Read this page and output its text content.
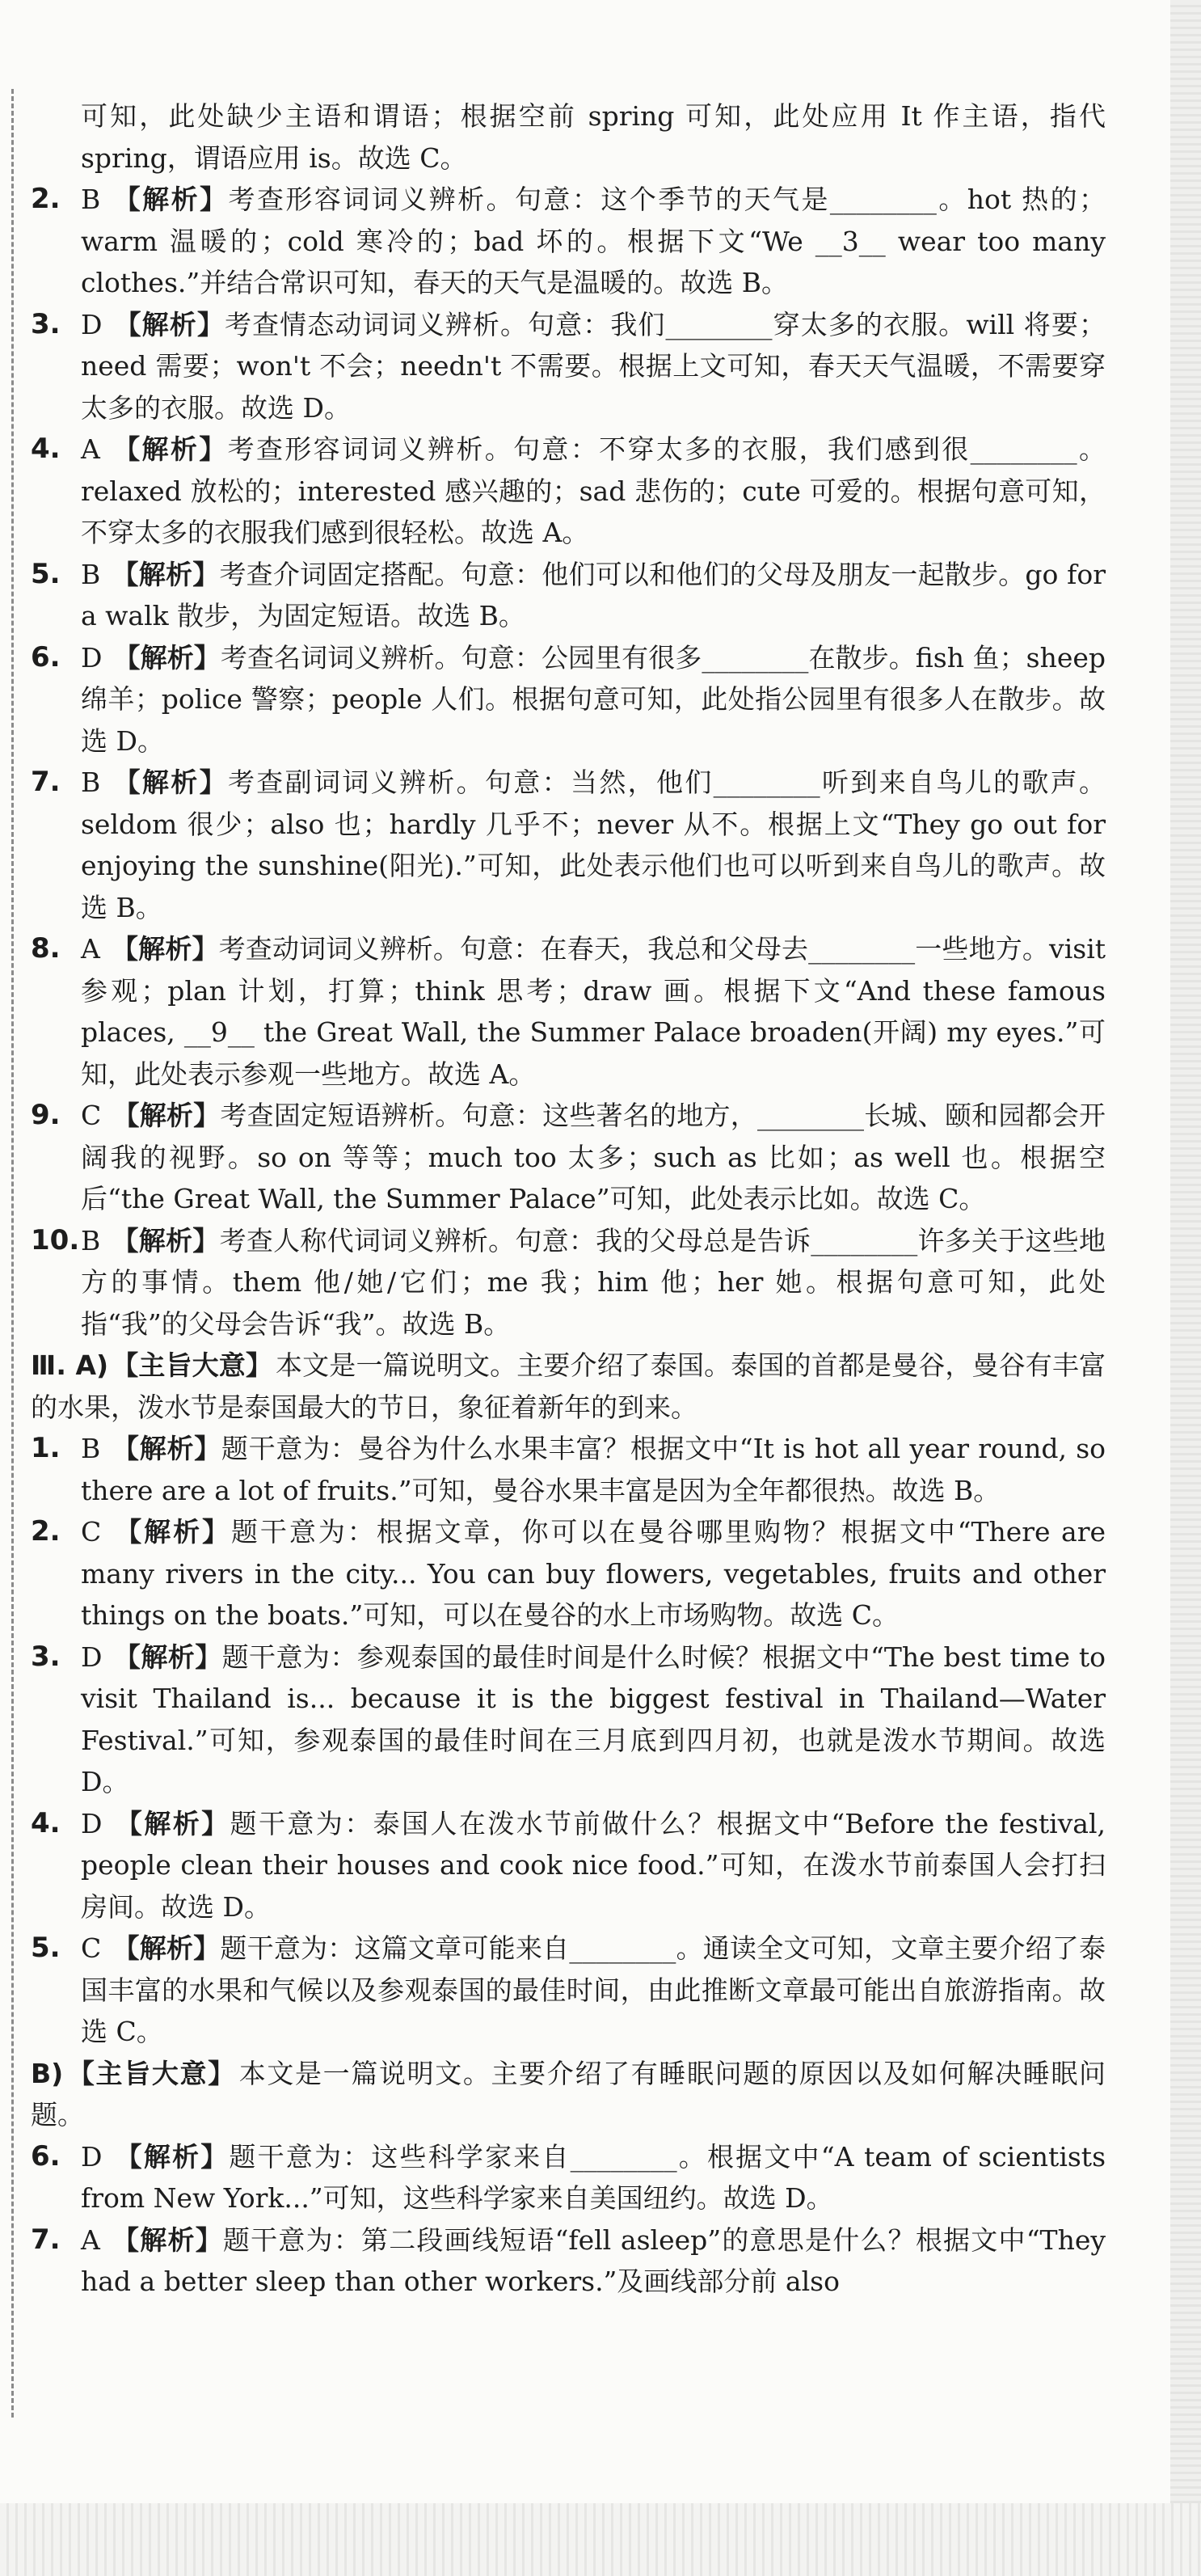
可知，此处缺少主语和谓语；根据空前 spring 可知，此处应用 It 作主语，指代 spring，谓语应用 is。故选 C。
2. B 【解析】考查形容词词义辨析。句意：这个季节的天气是________。hot 热的；warm 温暖的；cold 寒冷的；bad 坏的。根据下文“We __3__ wear too many clothes.”并结合常识可知，春天的天气是温暖的。故选 B。
3. D 【解析】考查情态动词词义辨析。句意：我们________穿太多的衣服。will 将要；need 需要；won't 不会；needn't 不需要。根据上文可知，春天天气温暖，不需要穿太多的衣服。故选 D。
4. A 【解析】考查形容词词义辨析。句意：不穿太多的衣服，我们感到很________。relaxed 放松的；interested 感兴趣的；sad 悲伤的；cute 可爱的。根据句意可知，不穿太多的衣服我们感到很轻松。故选 A。
5. B 【解析】考查介词固定搭配。句意：他们可以和他们的父母及朋友一起散步。go for a walk 散步，为固定短语。故选 B。
6. D 【解析】考查名词词义辨析。句意：公园里有很多________在散步。fish 鱼；sheep 绵羊；police 警察；people 人们。根据句意可知，此处指公园里有很多人在散步。故选 D。
7. B 【解析】考查副词词义辨析。句意：当然，他们________听到来自鸟儿的歌声。seldom 很少；also 也；hardly 几乎不；never 从不。根据上文“They go out for enjoying the sunshine(阳光).”可知，此处表示他们也可以听到来自鸟儿的歌声。故选 B。
8. A 【解析】考查动词词义辨析。句意：在春天，我总和父母去________一些地方。visit 参观；plan 计划，打算；think 思考；draw 画。根据下文“And these famous places, __9__ the Great Wall, the Summer Palace broaden(开阔) my eyes.”可知，此处表示参观一些地方。故选 A。
9. C 【解析】考查固定短语辨析。句意：这些著名的地方，________长城、颐和园都会开阔我的视野。so on 等等；much too 太多；such as 比如；as well 也。根据空后“the Great Wall, the Summer Palace”可知，此处表示比如。故选 C。
10. B 【解析】考查人称代词词义辨析。句意：我的父母总是告诉________许多关于这些地方的事情。them 他/她/它们；me 我；him 他；her 她。根据句意可知，此处指“我”的父母会告诉“我”。故选 B。
Ⅲ. A) 【主旨大意】 本文是一篇说明文。主要介绍了泰国。泰国的首都是曼谷，曼谷有丰富的水果，泼水节是泰国最大的节日，象征着新年的到来。
1. B 【解析】题干意为：曼谷为什么水果丰富？根据文中“It is hot all year round, so there are a lot of fruits.”可知，曼谷水果丰富是因为全年都很热。故选 B。
2. C 【解析】题干意为：根据文章，你可以在曼谷哪里购物？根据文中“There are many rivers in the city... You can buy flowers, vegetables, fruits and other things on the boats.”可知，可以在曼谷的水上市场购物。故选 C。
3. D 【解析】题干意为：参观泰国的最佳时间是什么时候？根据文中“The best time to visit Thailand is... because it is the biggest festival in Thailand—Water Festival.”可知，参观泰国的最佳时间在三月底到四月初，也就是泼水节期间。故选 D。
4. D 【解析】题干意为：泰国人在泼水节前做什么？根据文中“Before the festival, people clean their houses and cook nice food.”可知，在泼水节前泰国人会打扫房间。故选 D。
5. C 【解析】题干意为：这篇文章可能来自________。通读全文可知，文章主要介绍了泰国丰富的水果和气候以及参观泰国的最佳时间，由此推断文章最可能出自旅游指南。故选 C。
B) 【主旨大意】 本文是一篇说明文。主要介绍了有睡眠问题的原因以及如何解决睡眠问题。
6. D 【解析】题干意为：这些科学家来自________。根据文中“A team of scientists from New York...”可知，这些科学家来自美国纽约。故选 D。
7. A 【解析】题干意为：第二段画线短语“fell asleep”的意思是什么？根据文中“They had a better sleep than other workers.”及画线部分前 also
